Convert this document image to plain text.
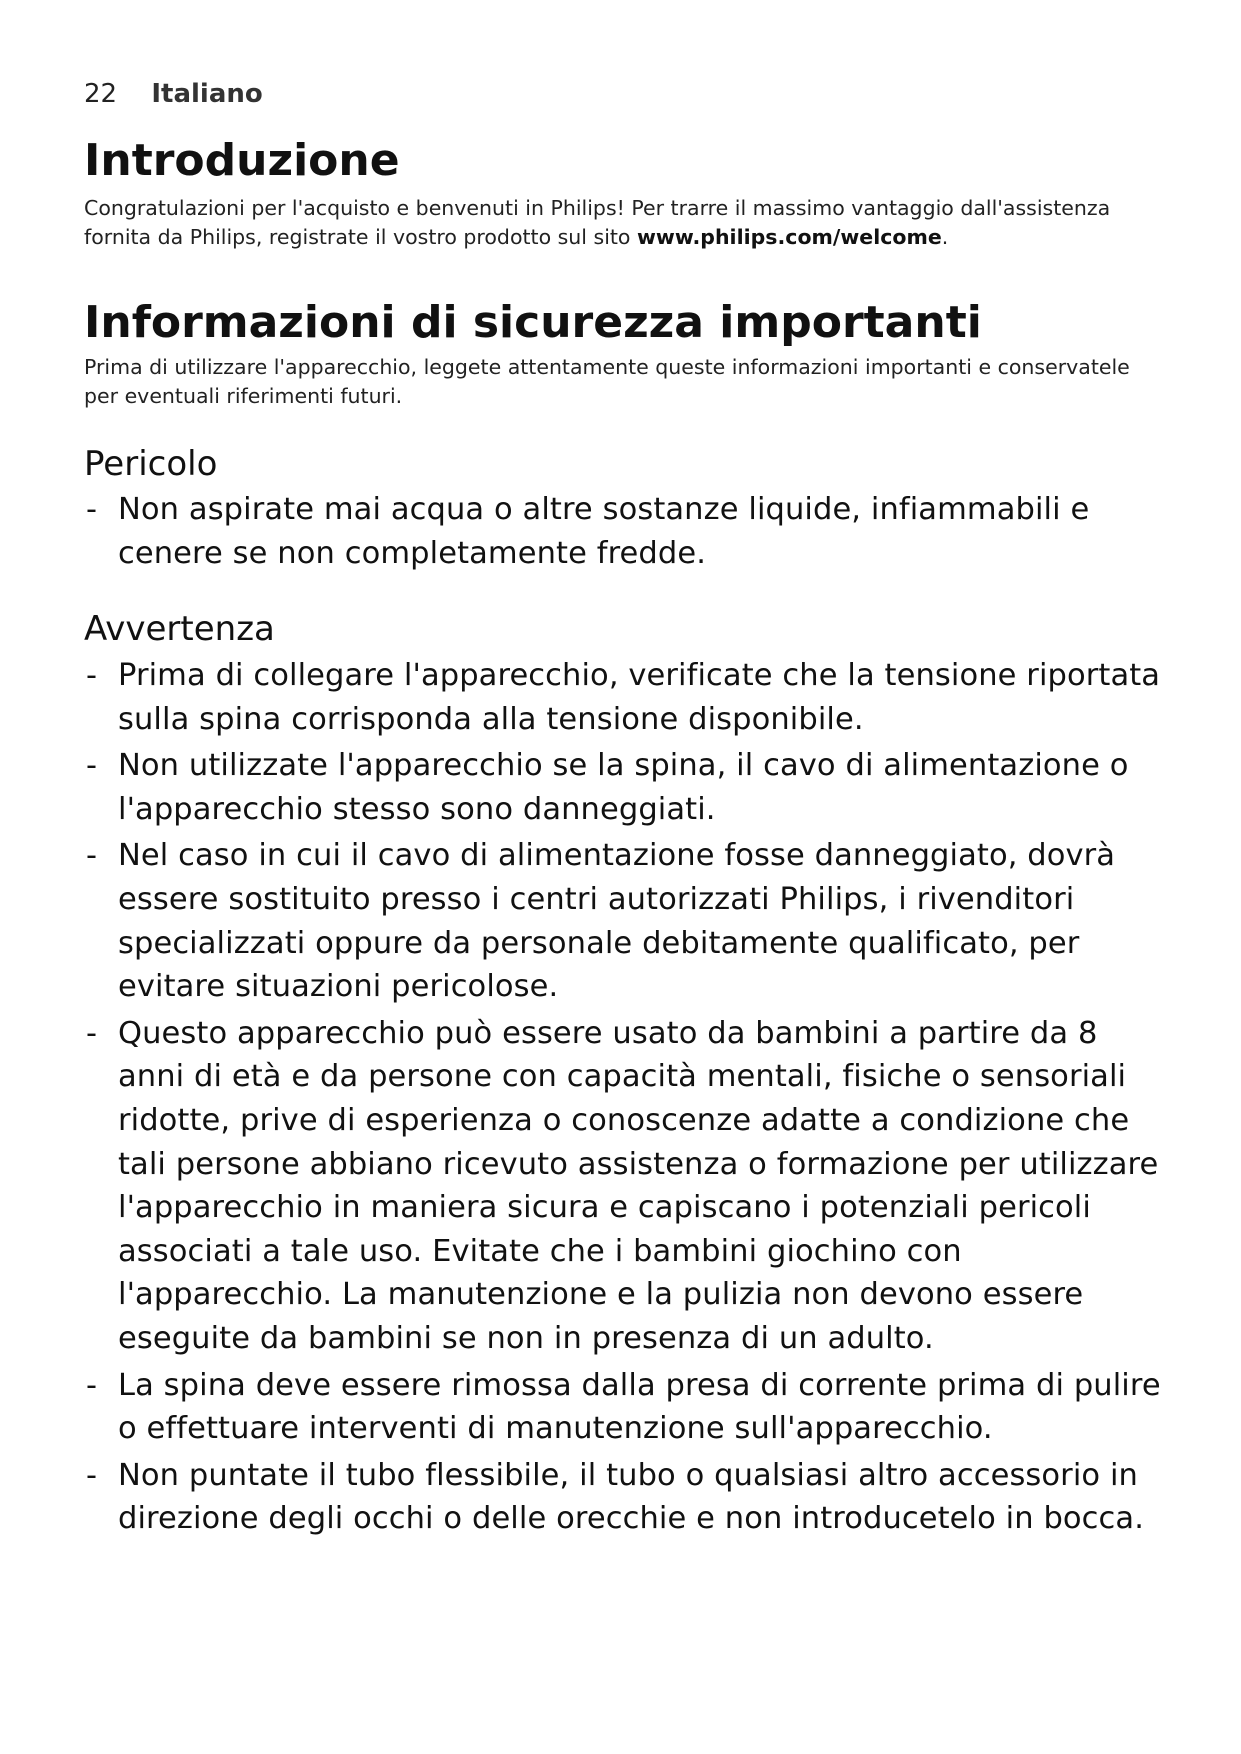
22 Italiano
Introduzione

Congratulazioni per l'acquisto e benvenuti in Philips! Per trarre il massimo vantaggio dall'assistenza fornita da Philips, registrate il vostro prodotto sul sito www.philips.com/welcome.

Informazioni di sicurezza importanti

Prima di utilizzare l'apparecchio, leggete attentamente queste informazioni importanti e conservatele per eventuali riferimenti futuri.

Pericolo
- Non aspirate mai acqua o altre sostanze liquide, infiammabili e cenere se non completamente fredde.
Avvertenza
- Prima di collegare l'apparecchio, verificate che la tensione riportata sulla spina corrisponda alla tensione disponibile.
- Non utilizzate l'apparecchio se la spina, il cavo di alimentazione o l'apparecchio stesso sono danneggiati.
- Nel caso in cui il cavo di alimentazione fosse danneggiato, dovrà essere sostituito presso i centri autorizzati Philips, i rivenditori specializzati oppure da personale debitamente qualificato, per evitare situazioni pericolose.
- Questo apparecchio può essere usato da bambini a partire da 8 anni di età e da persone con capacità mentali, fisiche o sensoriali ridotte, prive di esperienza o conoscenze adatte a condizione che tali persone abbiano ricevuto assistenza o formazione per utilizzare l'apparecchio in maniera sicura e capiscano i potenziali pericoli associati a tale uso. Evitate che i bambini giochino con l'apparecchio. La manutenzione e la pulizia non devono essere eseguite da bambini se non in presenza di un adulto.
- La spina deve essere rimossa dalla presa di corrente prima di pulire o effettuare interventi di manutenzione sull'apparecchio.
- Non puntate il tubo flessibile, il tubo o qualsiasi altro accessorio in direzione degli occhi o delle orecchie e non introducetelo in bocca.
